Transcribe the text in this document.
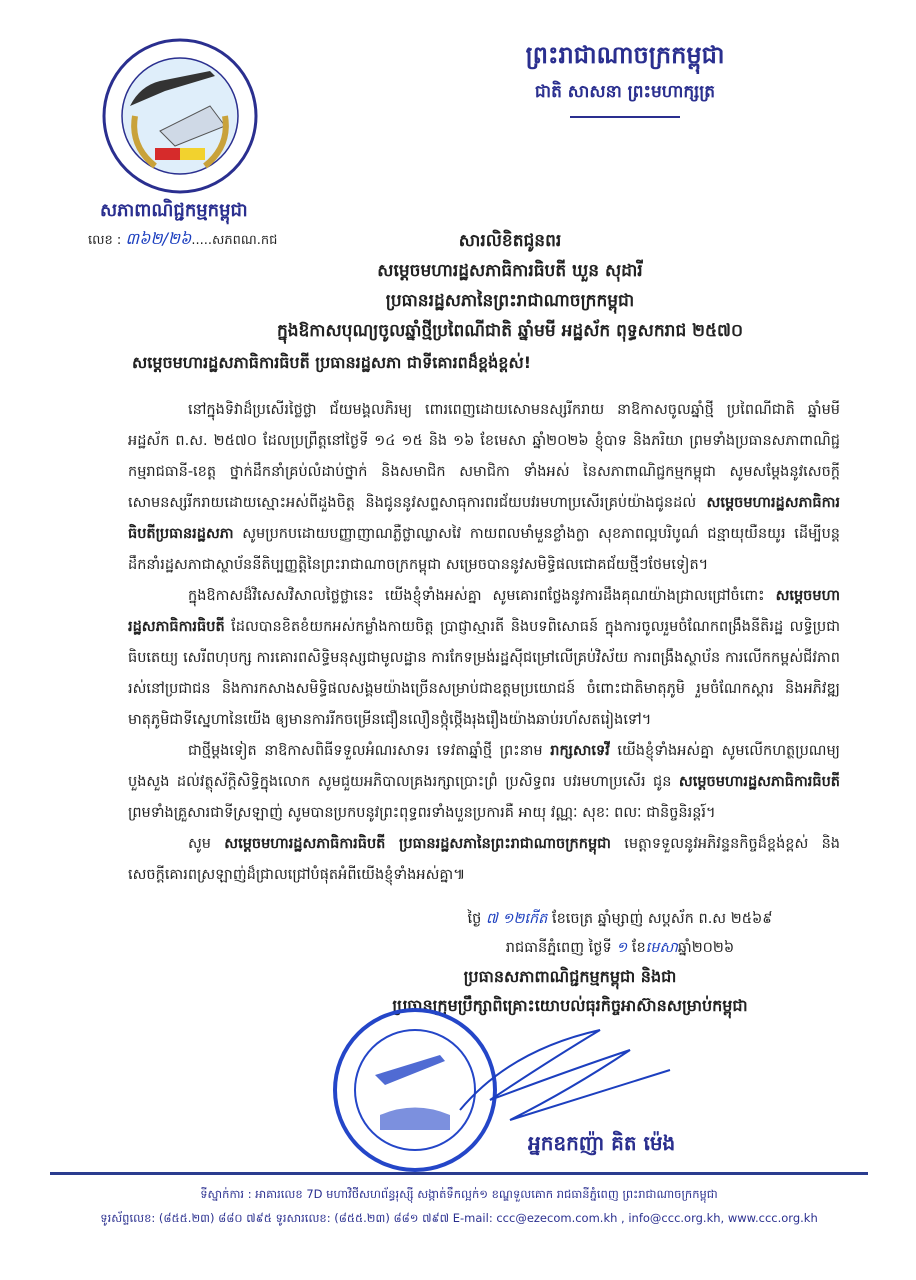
ព្រះរាជាណាចក្រកម្ពុជា
ជាតិ សាសនា ព្រះមហាក្សត្រ
សភាពាណិជ្ជកម្មកម្ពុជា
លេខ : ៣៦២/២៦.....សភពណ.កជ	សារលិខិតជូនពរ
សម្តេចមហារដ្ឋសភាធិការធិបតី ឃួន សុដារី
ប្រធានរដ្ឋសភានៃព្រះរាជាណាចក្រកម្ពុជា
ក្នុងឱកាសបុណ្យចូលឆ្នាំថ្មីប្រពៃណីជាតិ ឆ្នាំមមី អដ្ឋស័ក ពុទ្ធសករាជ ២៥៧០
សម្តេចមហារដ្ឋសភាធិការធិបតី ប្រធានរដ្ឋសភា ជាទីគោរពដ៏ខ្ពង់ខ្ពស់!

នៅក្នុងទិវាដ៏ប្រសើរថ្លៃថ្លា ជ័យមង្គលភិរម្យ ពោរពេញដោយសោមនស្សរីករាយ នាឱកាសចូលឆ្នាំថ្មី ប្រពៃណីជាតិ ឆ្នាំមមី អដ្ឋស័ក ព.ស. ២៥៧០ ដែលប្រព្រឹត្តនៅថ្ងៃទី ១៤ ១៥ និង ១៦ ខែមេសា ឆ្នាំ២០២៦ ខ្ញុំបាទ និងភរិយា ព្រមទាំងប្រធានសភាពាណិជ្ជកម្មរាជធានី-ខេត្ត ថ្នាក់ដឹកនាំគ្រប់លំដាប់ថ្នាក់ និងសមាជិក សមាជិកា ទាំងអស់ នៃសភាពាណិជ្ជកម្មកម្ពុជា សូមសម្តែងនូវសេចក្តីសោមនស្សរីករាយដោយស្មោះអស់ពីដួងចិត្ត និងជូននូវសព្ទសាធុការពរជ័យបវរមហាប្រសើរគ្រប់យ៉ាងជូនដល់ សម្តេចមហារដ្ឋសភាធិការធិបតីប្រធានរដ្ឋសភា សូមប្រកបដោយបញ្ញាញាណភ្លឺថ្លាឈ្លាសវៃ កាយពលមាំមួនខ្លាំងក្លា សុខភាពល្អបរិបូណ៌ ជន្មាយុយឺនយូរ ដើម្បីបន្តដឹកនាំរដ្ឋសភាជាស្ថាប័ននីតិប្បញ្ញត្តិនៃព្រះរាជាណាចក្រកម្ពុជា សម្រេចបាននូវសមិទ្ធិផលជោគជ័យថ្មីៗថែមទៀត។

ក្នុងឱកាសដ៏វិសេសវិសាលថ្លៃថ្លានេះ យើងខ្ញុំទាំងអស់គ្នា សូមគោរពថ្លែងនូវការដឹងគុណយ៉ាងជ្រាលជ្រៅចំពោះ សម្តេចមហារដ្ឋសភាធិការធិបតី ដែលបានខិតខំយកអស់កម្លាំងកាយចិត្ត ប្រាជ្ញាស្មារតី និងបទពិសោធន៍ ក្នុងការចូលរួមចំណែកពង្រឹងនីតិរដ្ឋ លទ្ធិប្រជាធិបតេយ្យ សេរីពហុបក្ស ការគោរពសិទ្ធិមនុស្សជាមូលដ្ឋាន ការកែទម្រង់រដ្ឋស៊ីជម្រៅលើគ្រប់វិស័យ ការពង្រឹងស្ថាប័ន ការលើកកម្ពស់ជីវភាពរស់នៅប្រជាជន និងការកសាងសមិទ្ធិផលសង្គមយ៉ាងច្រើនសម្រាប់ជាឧត្តមប្រយោជន៍ ចំពោះជាតិមាតុភូមិ រួមចំណែកស្តារ និងអភិវឌ្ឍមាតុភូមិជាទីស្នេហានៃយើង ឲ្យមានការរីកចម្រើនជឿនលឿនថ្កុំថ្កើងរុងរឿងយ៉ាងឆាប់រហ័សតរៀងទៅ។

ជាថ្មីម្តងទៀត នាឱកាសពិធីទទួលអំណរសាទរ ទេវតាឆ្នាំថ្មី ព្រះនាម រាក្សសាទេវី យើងខ្ញុំទាំងអស់គ្នា សូមលើកហត្ថប្រណម្យបួងសួង ដល់វត្ថុស័ក្តិសិទ្ធិក្នុងលោក សូមជួយអភិបាលគ្រងរក្សាប្រោះព្រំ ប្រសិទ្ធពរ បវរមហាប្រសើរ ជូន សម្តេចមហារដ្ឋសភាធិការធិបតី ព្រមទាំងគ្រួសារជាទីស្រឡាញ់ សូមបានប្រកបនូវព្រះពុទ្ធពរទាំងបួនប្រការគឺ អាយុ វណ្ណៈ សុខៈ ពលៈ ជានិច្ចនិរន្តរ៍។

សូម សម្តេចមហារដ្ឋសភាធិការធិបតី ប្រធានរដ្ឋសភានៃព្រះរាជាណាចក្រកម្ពុជា មេត្តាទទួលនូវអភិវន្ទនកិច្ចដ៏ខ្ពង់ខ្ពស់ និងសេចក្តីគោរពស្រឡាញ់ដ៏ជ្រាលជ្រៅបំផុតអំពីយើងខ្ញុំទាំងអស់គ្នា៕

ថ្ងៃ ៧ ១២កើត ខែចេត្រ ឆ្នាំម្សាញ់ សប្តស័ក ព.ស ២៥៦៩
រាជធានីភ្នំពេញ ថ្ងៃទី ១ ខែមេសាឆ្នាំ២០២៦
ប្រធានសភាពាណិជ្ជកម្មកម្ពុជា និងជា
ប្រធានក្រុមប្រឹក្សាពិគ្រោះយោបល់ធុរកិច្ចអាស៊ានសម្រាប់កម្ពុជា
អ្នកឧកញ៉ា គិត ម៉េង
ទីស្នាក់ការ : អាគារលេខ 7D មហាវិថីសហព័ន្ធរុស្ស៊ី សង្កាត់ទឹកល្អក់១ ខណ្ឌទួលគោក រាជធានីភ្នំពេញ ព្រះរាជាណាចក្រកម្ពុជា
ទូរស័ព្ទលេខ: (៨៥៥.២៣) ៨៨០ ៧៩៥ ទូរសារលេខ: (៨៥៥.២៣) ៨៨១ ៧៩៧ E-mail: ccc@ezecom.com.kh , info@ccc.org.kh, www.ccc.org.kh
